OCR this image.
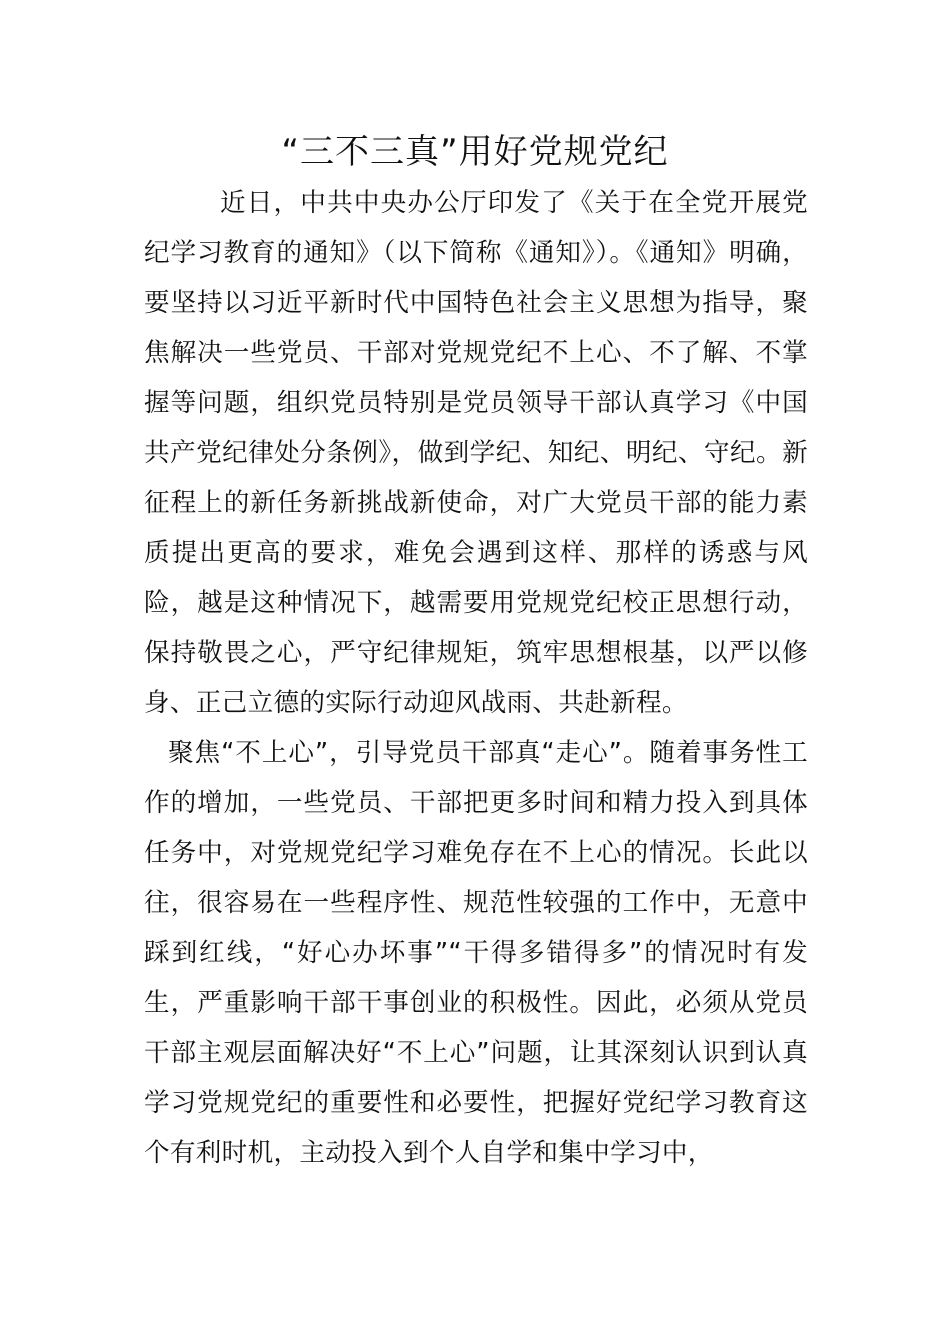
“三不三真”用好党规党纪

近日，中共中央办公厅印发了《关于在全党开展党纪学习教育的通知》（以下简称《通知》）。《通知》明确，要坚持以习近平新时代中国特色社会主义思想为指导，聚焦解决一些党员、干部对党规党纪不上心、不了解、不掌握等问题，组织党员特别是党员领导干部认真学习《中国共产党纪律处分条例》，做到学纪、知纪、明纪、守纪。新征程上的新任务新挑战新使命，对广大党员干部的能力素质提出更高的要求，难免会遇到这样、那样的诱惑与风险，越是这种情况下，越需要用党规党纪校正思想行动，保持敬畏之心，严守纪律规矩，筑牢思想根基，以严以修身、正己立德的实际行动迎风战雨、共赴新程。

聚焦“不上心”，引导党员干部真“走心”。随着事务性工作的增加，一些党员、干部把更多时间和精力投入到具体任务中，对党规党纪学习难免存在不上心的情况。长此以往，很容易在一些程序性、规范性较强的工作中，无意中踩到红线，“好心办坏事”“干得多错得多”的情况时有发生，严重影响干部干事创业的积极性。因此，必须从党员干部主观层面解决好“不上心”问题，让其深刻认识到认真学习党规党纪的重要性和必要性，把握好党纪学习教育这个有利时机，主动投入到个人自学和集中学习中，
